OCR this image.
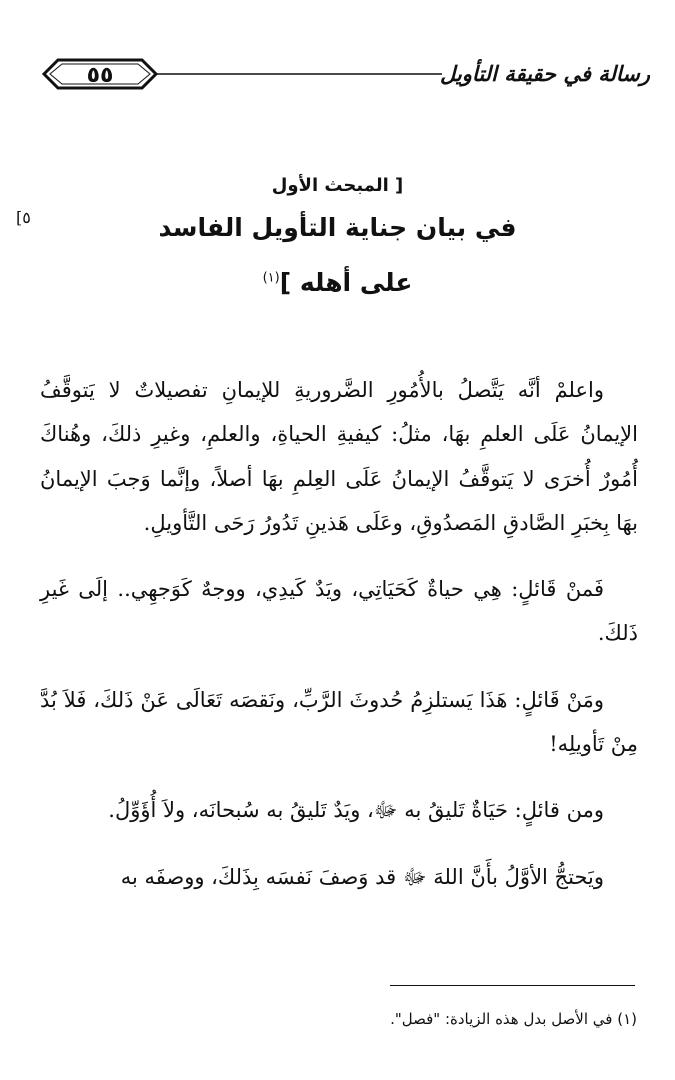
٥٥	رسالة في حقيقة التأويل
٥]
[ المبحث الأول
في بيان جناية التأويل الفاسد
على أهله ]$^{(١)}$

واعلمْ أنَّه يَتَّصلُ بالأُمُورِ الضَّروريةِ للإيمانِ تفصيلاتٌ لا يَتوقَّفُ الإيمانُ عَلَى العلمِ بهَا، مثلُ: كيفيةِ الحياةِ، والعلمِ، وغيرِ ذلكَ، وهُناكَ أُمُورٌ أُخرَى لا يَتوقَّفُ الإيمانُ عَلَى العِلمِ بهَا أصلاً، وإنَّما وَجبَ الإيمانُ بهَا بِخبَرِ الصَّادقِ المَصدُوقِ، وعَلَى هَذينِ تَدُورُ رَحَى التَّأويلِ.

فَمنْ قَائلٍ: هِي حياةٌ كَحَيَاتِي، ويَدٌ كَيدِي، ووجهٌ كَوَجهِي.. إلَى غَيرِ ذَلكَ.

ومَنْ قَائلٍ: هَذَا يَستلزِمُ حُدوثَ الرَّبِّ، ونَقصَه تَعَالَى عَنْ ذَلكَ، فَلاَ بُدَّ مِنْ تَأويلِه!

ومن قائلٍ: حَيَاةٌ تَليقُ به ﷻ، ويَدٌ تَليقُ به سُبحانَه، ولاَ أُؤَوِّلُ.

ويَحتجُّ الأوَّلُ بأَنَّ اللهَ ﷻ قد وَصفَ نَفسَه بِذَلكَ، ووصفَه به

(١) في الأصل بدل هذه الزيادة: "فصل".
